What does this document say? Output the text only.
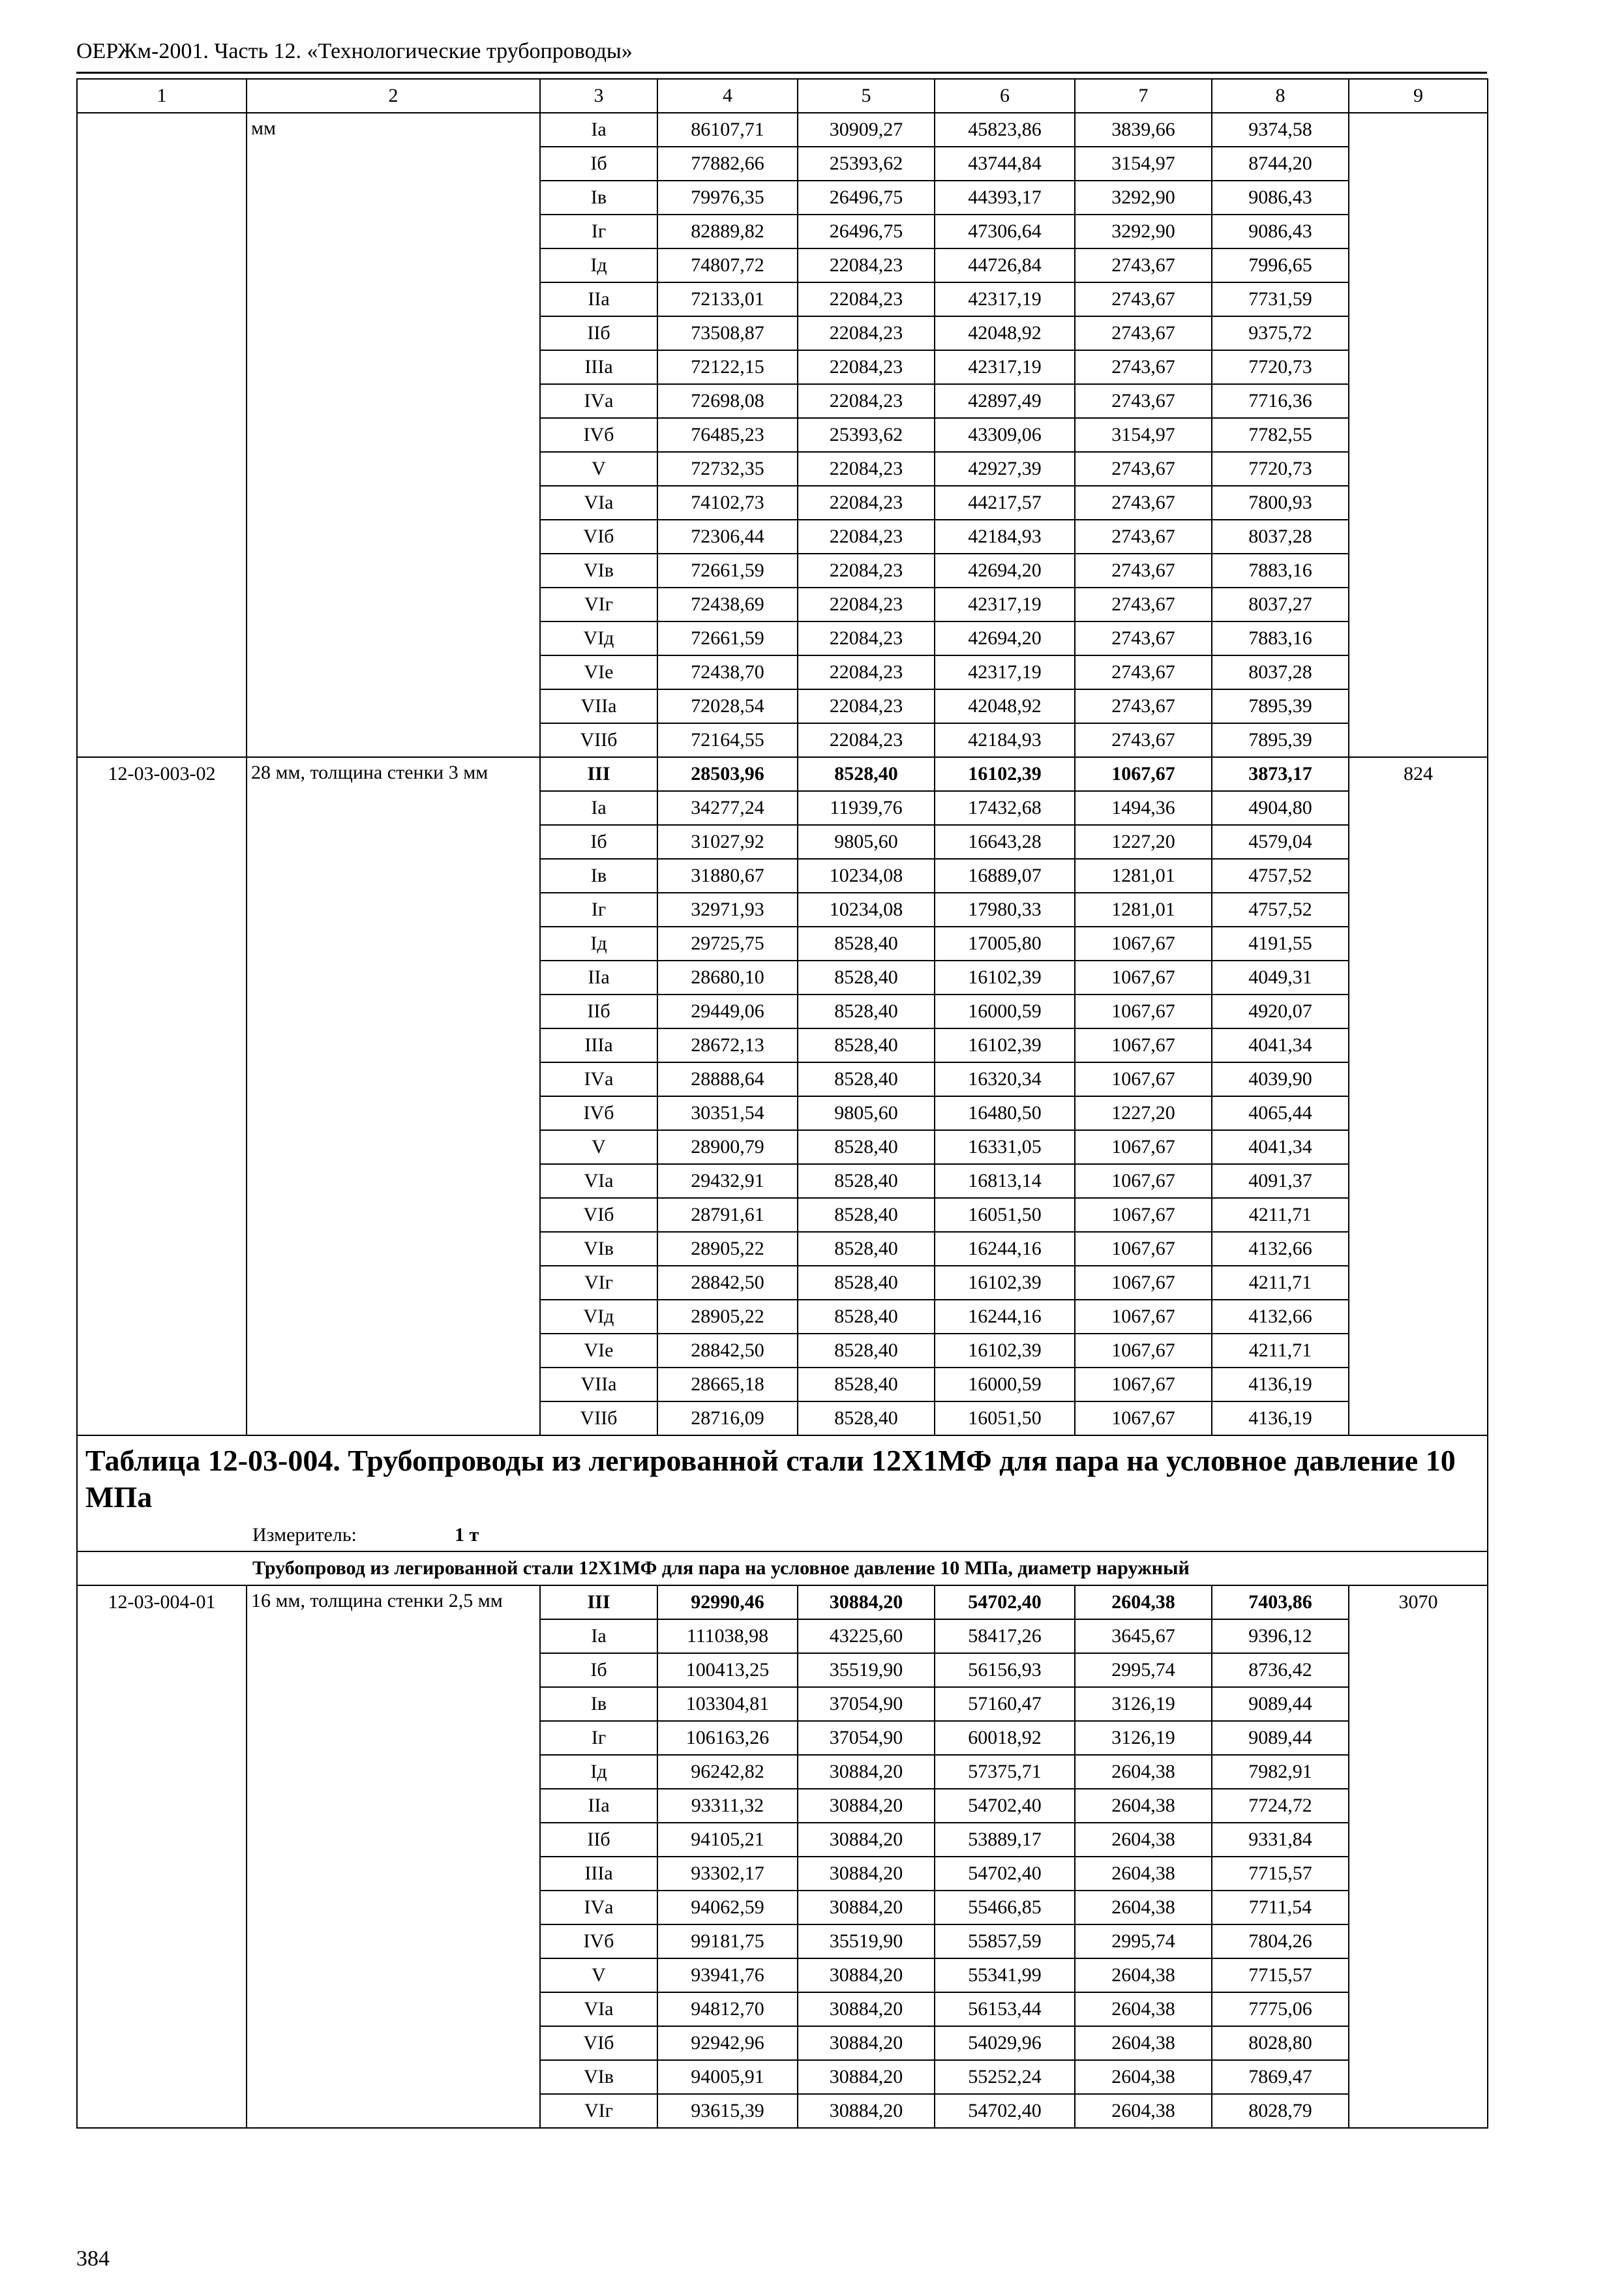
ОЕРЖм-2001. Часть 12. «Технологические трубопроводы»
1	2	3	4	5	6	7	8	9
	мм	Iа	86107,71	30909,27	45823,86	3839,66	9374,58	
		Iб	77882,66	25393,62	43744,84	3154,97	8744,20	
		Iв	79976,35	26496,75	44393,17	3292,90	9086,43	
		Iг	82889,82	26496,75	47306,64	3292,90	9086,43	
		Iд	74807,72	22084,23	44726,84	2743,67	7996,65	
		IIа	72133,01	22084,23	42317,19	2743,67	7731,59	
		IIб	73508,87	22084,23	42048,92	2743,67	9375,72	
		IIIа	72122,15	22084,23	42317,19	2743,67	7720,73	
		IVа	72698,08	22084,23	42897,49	2743,67	7716,36	
		IVб	76485,23	25393,62	43309,06	3154,97	7782,55	
		V	72732,35	22084,23	42927,39	2743,67	7720,73	
		VIа	74102,73	22084,23	44217,57	2743,67	7800,93	
		VIб	72306,44	22084,23	42184,93	2743,67	8037,28	
		VIв	72661,59	22084,23	42694,20	2743,67	7883,16	
		VIг	72438,69	22084,23	42317,19	2743,67	8037,27	
		VIд	72661,59	22084,23	42694,20	2743,67	7883,16	
		VIе	72438,70	22084,23	42317,19	2743,67	8037,28	
		VIIа	72028,54	22084,23	42048,92	2743,67	7895,39	
		VIIб	72164,55	22084,23	42184,93	2743,67	7895,39	
12-03-003-02	28 мм, толщина стенки 3 мм	III	28503,96	8528,40	16102,39	1067,67	3873,17	824
		Iа	34277,24	11939,76	17432,68	1494,36	4904,80	
		Iб	31027,92	9805,60	16643,28	1227,20	4579,04	
		Iв	31880,67	10234,08	16889,07	1281,01	4757,52	
		Iг	32971,93	10234,08	17980,33	1281,01	4757,52	
		Iд	29725,75	8528,40	17005,80	1067,67	4191,55	
		IIа	28680,10	8528,40	16102,39	1067,67	4049,31	
		IIб	29449,06	8528,40	16000,59	1067,67	4920,07	
		IIIа	28672,13	8528,40	16102,39	1067,67	4041,34	
		IVа	28888,64	8528,40	16320,34	1067,67	4039,90	
		IVб	30351,54	9805,60	16480,50	1227,20	4065,44	
		V	28900,79	8528,40	16331,05	1067,67	4041,34	
		VIа	29432,91	8528,40	16813,14	1067,67	4091,37	
		VIб	28791,61	8528,40	16051,50	1067,67	4211,71	
		VIв	28905,22	8528,40	16244,16	1067,67	4132,66	
		VIг	28842,50	8528,40	16102,39	1067,67	4211,71	
		VIд	28905,22	8528,40	16244,16	1067,67	4132,66	
		VIе	28842,50	8528,40	16102,39	1067,67	4211,71	
		VIIа	28665,18	8528,40	16000,59	1067,67	4136,19	
		VIIб	28716,09	8528,40	16051,50	1067,67	4136,19	
Таблица 12-03-004. Трубопроводы из легированной стали 12Х1МФ для пара на условное давление 10 МПа								
Измеритель: 1 т								
Трубопровод из легированной стали 12Х1МФ для пара на условное давление 10 МПа, диаметр наружный								
12-03-004-01	16 мм, толщина стенки 2,5 мм	III	92990,46	30884,20	54702,40	2604,38	7403,86	3070
		Iа	111038,98	43225,60	58417,26	3645,67	9396,12	
		Iб	100413,25	35519,90	56156,93	2995,74	8736,42	
		Iв	103304,81	37054,90	57160,47	3126,19	9089,44	
		Iг	106163,26	37054,90	60018,92	3126,19	9089,44	
		Iд	96242,82	30884,20	57375,71	2604,38	7982,91	
		IIа	93311,32	30884,20	54702,40	2604,38	7724,72	
		IIб	94105,21	30884,20	53889,17	2604,38	9331,84	
		IIIа	93302,17	30884,20	54702,40	2604,38	7715,57	
		IVа	94062,59	30884,20	55466,85	2604,38	7711,54	
		IVб	99181,75	35519,90	55857,59	2995,74	7804,26	
		V	93941,76	30884,20	55341,99	2604,38	7715,57	
		VIа	94812,70	30884,20	56153,44	2604,38	7775,06	
		VIб	92942,96	30884,20	54029,96	2604,38	8028,80	
		VIв	94005,91	30884,20	55252,24	2604,38	7869,47	
		VIг	93615,39	30884,20	54702,40	2604,38	8028,79	
384
